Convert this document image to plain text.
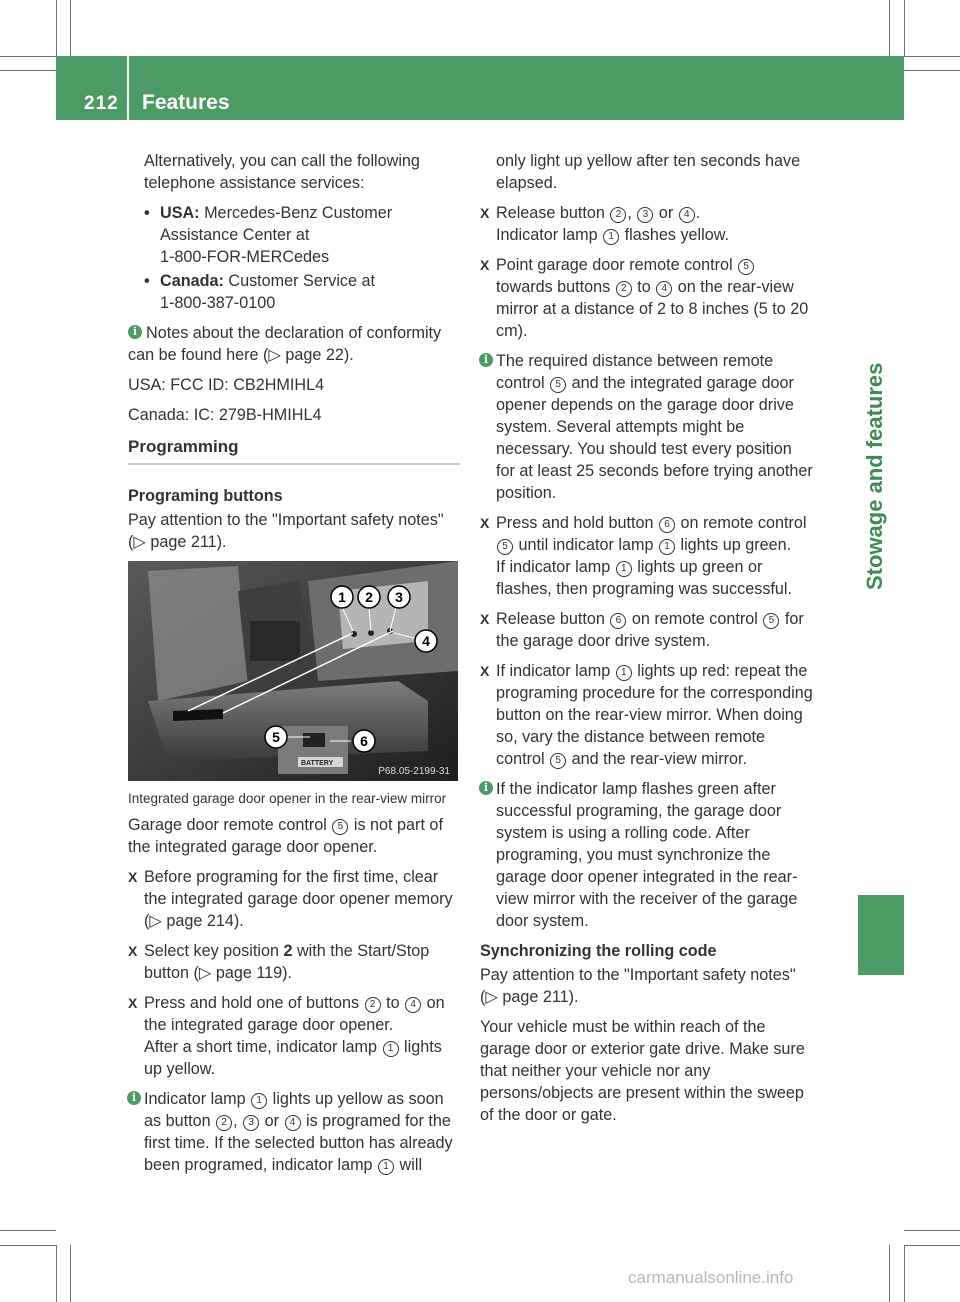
212 Features
Stowage and features

Alternatively, you can call the following telephone assistance services:

• USA: Mercedes-Benz Customer Assistance Center at
1-800-FOR-MERCedes
• Canada: Customer Service at
1-800-387-0100
i Notes about the declaration of conformity can be found here (▷ page 22).

USA: FCC ID: CB2HMIHL4

Canada: IC: 279B-HMIHL4

Programming
Programing buttons

Pay attention to the "Important safety notes" (▷ page 211).

BATTERY
1 2 3
4
5	6
P68.05-2199-31

Integrated garage door opener in the rear-view mirror

Garage door remote control 5 is not part of the integrated garage door opener.

X Before programing for the first time, clear the integrated garage door opener memory (▷ page 214).
X Select key position 2 with the Start/Stop button (▷ page 119).
X Press and hold one of buttons 2 to 4 on the integrated garage door opener.
After a short time, indicator lamp 1 lights up yellow.
i Indicator lamp 1 lights up yellow as soon as button 2 , 3 or 4 is programed for the first time. If the selected button has already been programed, indicator lamp 1 will

only light up yellow after ten seconds have elapsed.

X Release button 2 , 3 or 4 .
Indicator lamp 1 flashes yellow.
X Point garage door remote control 5 towards buttons 2 to 4 on the rear-view mirror at a distance of 2 to 8 inches (5 to 20 cm).
i The required distance between remote control 5 and the integrated garage door opener depends on the garage door drive system. Several attempts might be necessary. You should test every position for at least 25 seconds before trying another position.
X Press and hold button 6 on remote control 5 until indicator lamp 1 lights up green.
If indicator lamp 1 lights up green or flashes, then programing was successful.
X Release button 6 on remote control 5 for the garage door drive system.
X If indicator lamp 1 lights up red: repeat the programing procedure for the corresponding button on the rear-view mirror. When doing so, vary the distance between remote control 5 and the rear-view mirror.
i If the indicator lamp flashes green after successful programing, the garage door system is using a rolling code. After programing, you must synchronize the garage door opener integrated in the rear-view mirror with the receiver of the garage door system.
Synchronizing the rolling code

Pay attention to the "Important safety notes" (▷ page 211).

Your vehicle must be within reach of the garage door or exterior gate drive. Make sure that neither your vehicle nor any persons/objects are present within the sweep of the door or gate.

carmanualsonline.info
